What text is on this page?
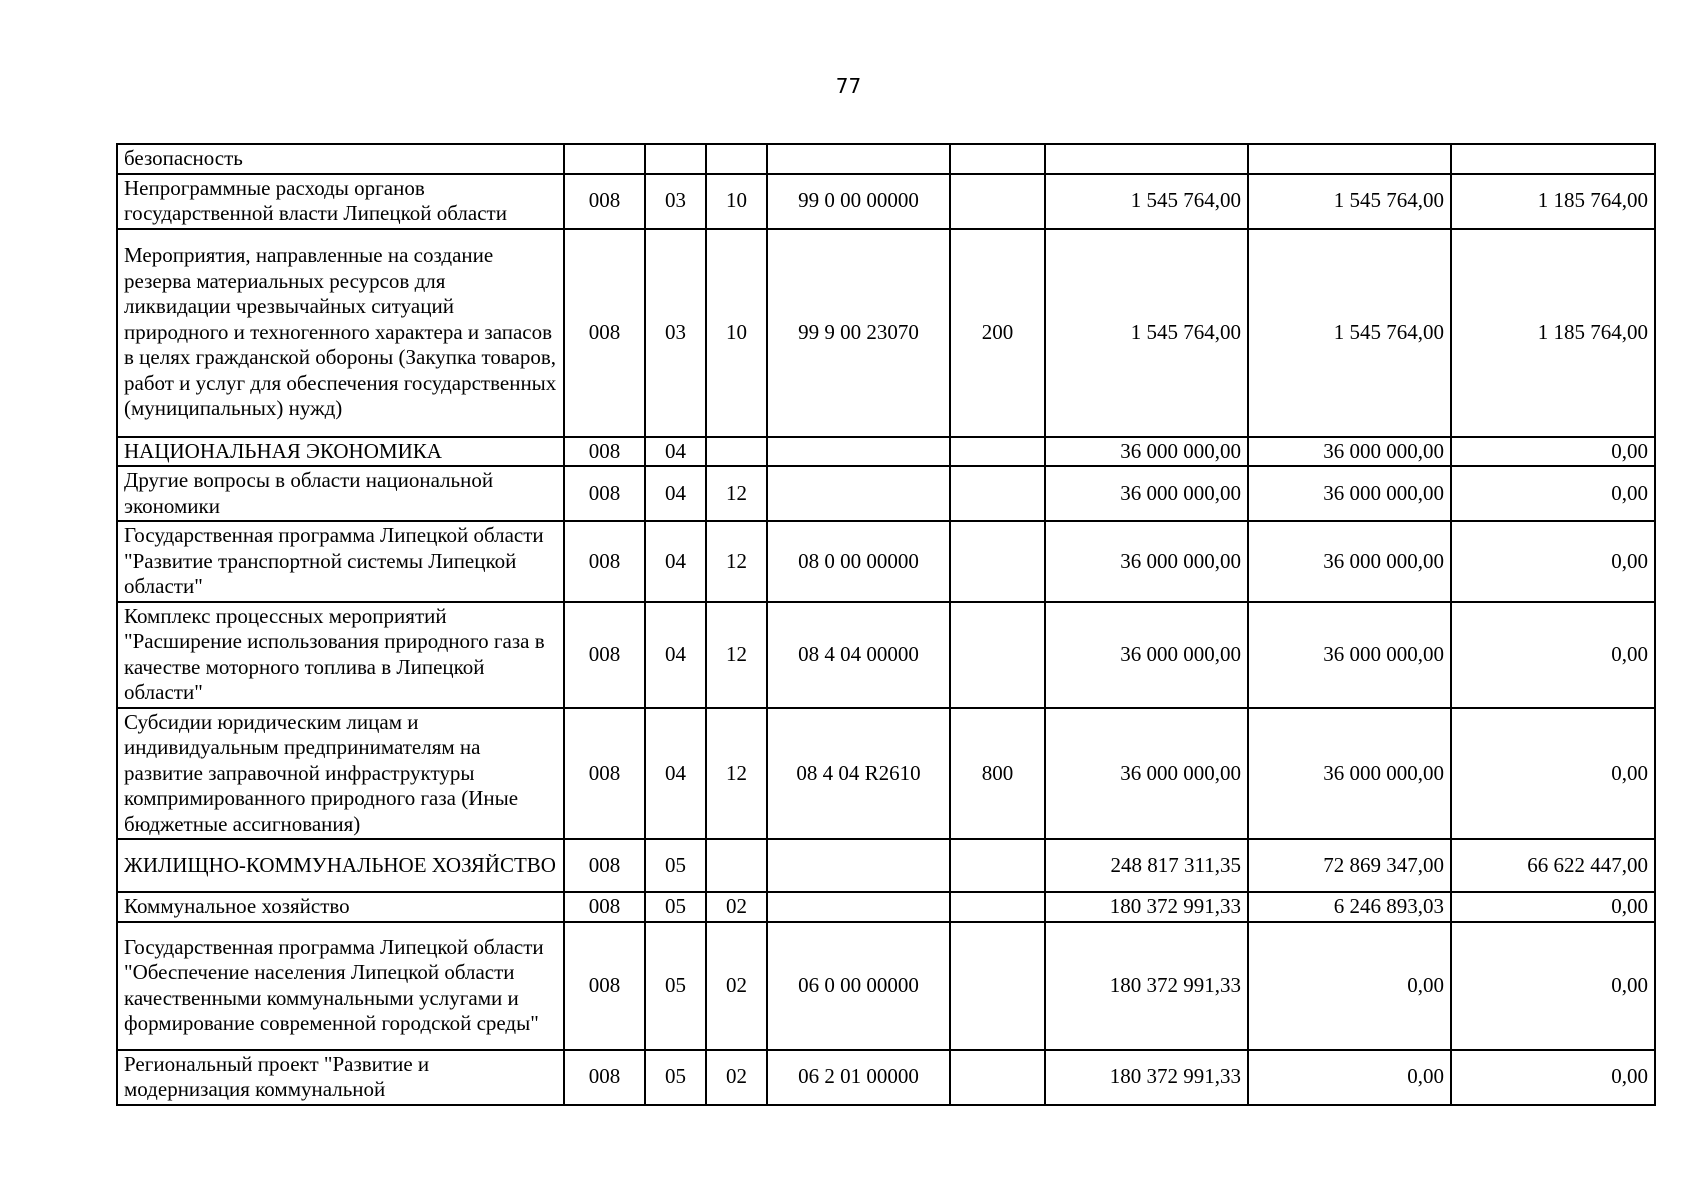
77
безопасность								
Непрограммные расходы органов государственной власти Липецкой области	008	03	10	99 0 00 00000		1 545 764,00	1 545 764,00	1 185 764,00
Мероприятия, направленные на создание резерва материальных ресурсов для ликвидации чрезвычайных ситуаций природного и техногенного характера и запасов в целях гражданской обороны (Закупка товаров, работ и услуг для обеспечения государственных (муниципальных) нужд)	008	03	10	99 9 00 23070	200	1 545 764,00	1 545 764,00	1 185 764,00
НАЦИОНАЛЬНАЯ ЭКОНОМИКА	008	04				36 000 000,00	36 000 000,00	0,00
Другие вопросы в области национальной экономики	008	04	12			36 000 000,00	36 000 000,00	0,00
Государственная программа Липецкой области "Развитие транспортной системы Липецкой области"	008	04	12	08 0 00 00000		36 000 000,00	36 000 000,00	0,00
Комплекс процессных мероприятий "Расширение использования природного газа в качестве моторного топлива в Липецкой области"	008	04	12	08 4 04 00000		36 000 000,00	36 000 000,00	0,00
Субсидии юридическим лицам и индивидуальным предпринимателям на развитие заправочной инфраструктуры компримированного природного газа (Иные бюджетные ассигнования)	008	04	12	08 4 04 R2610	800	36 000 000,00	36 000 000,00	0,00
ЖИЛИЩНО-КОММУНАЛЬНОЕ ХОЗЯЙСТВО	008	05				248 817 311,35	72 869 347,00	66 622 447,00
Коммунальное хозяйство	008	05	02			180 372 991,33	6 246 893,03	0,00
Государственная программа Липецкой области "Обеспечение населения Липецкой области качественными коммунальными услугами и формирование современной городской среды"	008	05	02	06 0 00 00000		180 372 991,33	0,00	0,00
Региональный проект "Развитие и модернизация коммунальной	008	05	02	06 2 01 00000		180 372 991,33	0,00	0,00
